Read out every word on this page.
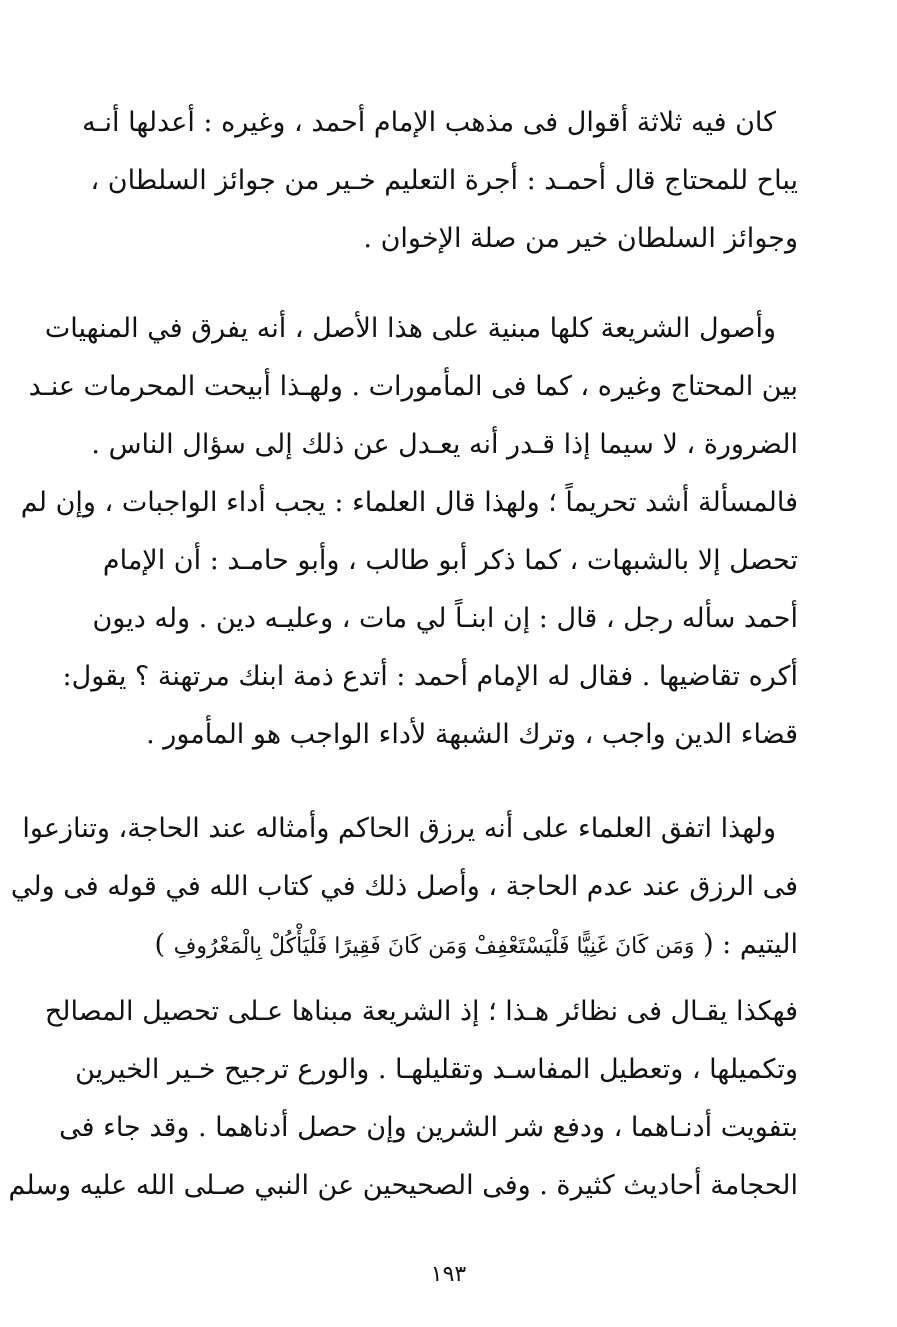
كان فيه ثلاثة أقوال فى مذهب الإمام أحمد ، وغيره : أعدلها أنـه
يباح للمحتاج قال أحمـد : أجرة التعليم خـير من جوائز السلطان ،
وجوائز السلطان خير من صلة الإخوان .
وأصول الشريعة كلها مبنية على هذا الأصل ، أنه يفرق في المنهيات
بين المحتاج وغيره ، كما فى المأمورات . ولهـذا أبيحت المحرمات عنـد
الضرورة ، لا سيما إذا قـدر أنه يعـدل عن ذلك إلى سؤال الناس .
فالمسألة أشد تحريماً ؛ ولهذا قال العلماء : يجب أداء الواجبات ، وإن لم
تحصل إلا بالشبهات ، كما ذكر أبو طالب ، وأبو حامـد : أن الإمام
أحمد سأله رجل ، قال : إن ابنـاً لي مات ، وعليـه دين . وله ديون
أكره تقاضيها . فقال له الإمام أحمد : أتدع ذمة ابنك مرتهنة ؟ يقول:
قضاء الدين واجب ، وترك الشبهة لأداء الواجب هو المأمور .
ولهذا اتفق العلماء على أنه يرزق الحاكم وأمثاله عند الحاجة، وتنازعوا
فى الرزق عند عدم الحاجة ، وأصل ذلك في كتاب الله في قوله فى ولي
اليتيم : ( وَمَن كَانَ غَنِيًّا فَلْيَسْتَعْفِفْ وَمَن كَانَ فَقِيرًا فَلْيَأْكُلْ بِالْمَعْرُوفِ )
فهكذا يقـال فى نظائر هـذا ؛ إذ الشريعة مبناها عـلى تحصيل المصالح
وتكميلها ، وتعطيل المفاسـد وتقليلهـا . والورع ترجيح خـير الخيرين
بتفويت أدنـاهما ، ودفع شر الشرين وإن حصل أدناهما . وقد جاء فى
الحجامة أحاديث كثيرة . وفى الصحيحين عن النبي صـلى الله عليه وسلم
١٩٣
